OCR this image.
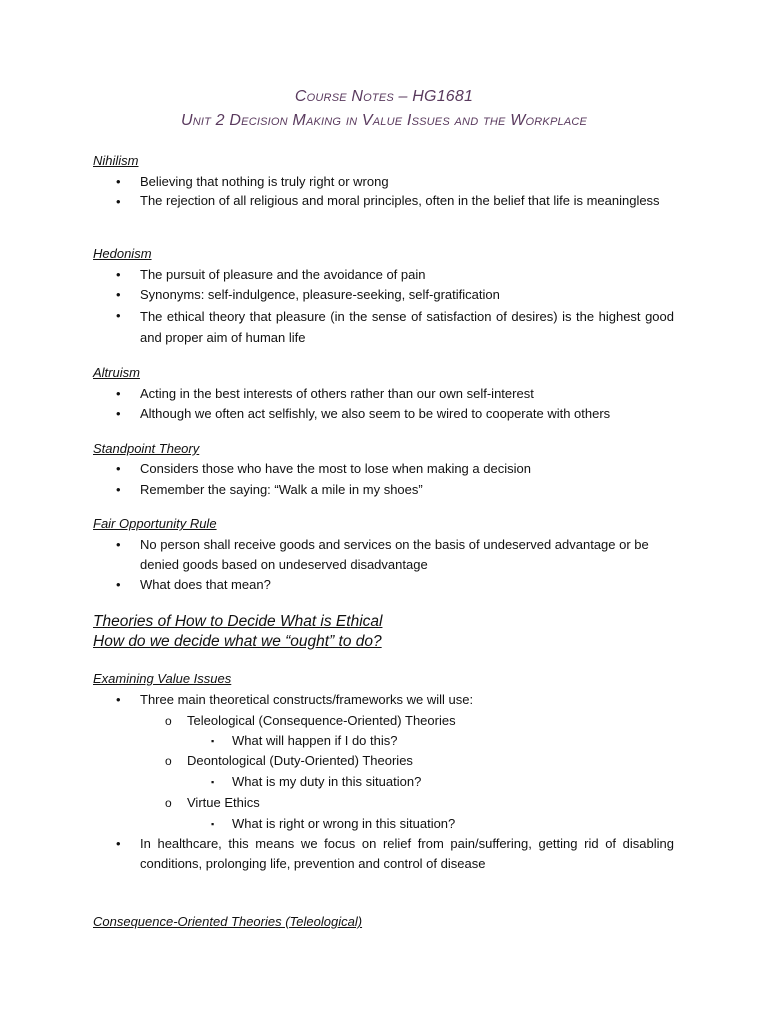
Course Notes – HG1681
Unit 2 Decision Making in Value Issues and the Workplace
Nihilism
• Believing that nothing is truly right or wrong
• The rejection of all religious and moral principles, often in the belief that life is meaningless
Hedonism
• The pursuit of pleasure and the avoidance of pain
• Synonyms: self-indulgence, pleasure-seeking, self-gratification
• The ethical theory that pleasure (in the sense of satisfaction of desires) is the highest good and proper aim of human life
Altruism
• Acting in the best interests of others rather than our own self-interest
• Although we often act selfishly, we also seem to be wired to cooperate with others
Standpoint Theory
• Considers those who have the most to lose when making a decision
• Remember the saying: “Walk a mile in my shoes”
Fair Opportunity Rule
• No person shall receive goods and services on the basis of undeserved advantage or be denied goods based on undeserved disadvantage
• What does that mean?
Theories of How to Decide What is Ethical
How do we decide what we “ought” to do?
Examining Value Issues
• Three main theoretical constructs/frameworks we will use:
o Teleological (Consequence-Oriented) Theories
▪ What will happen if I do this?
o Deontological (Duty-Oriented) Theories
▪ What is my duty in this situation?
o Virtue Ethics
▪ What is right or wrong in this situation?
• In healthcare, this means we focus on relief from pain/suffering, getting rid of disabling conditions, prolonging life, prevention and control of disease
Consequence-Oriented Theories (Teleological)
